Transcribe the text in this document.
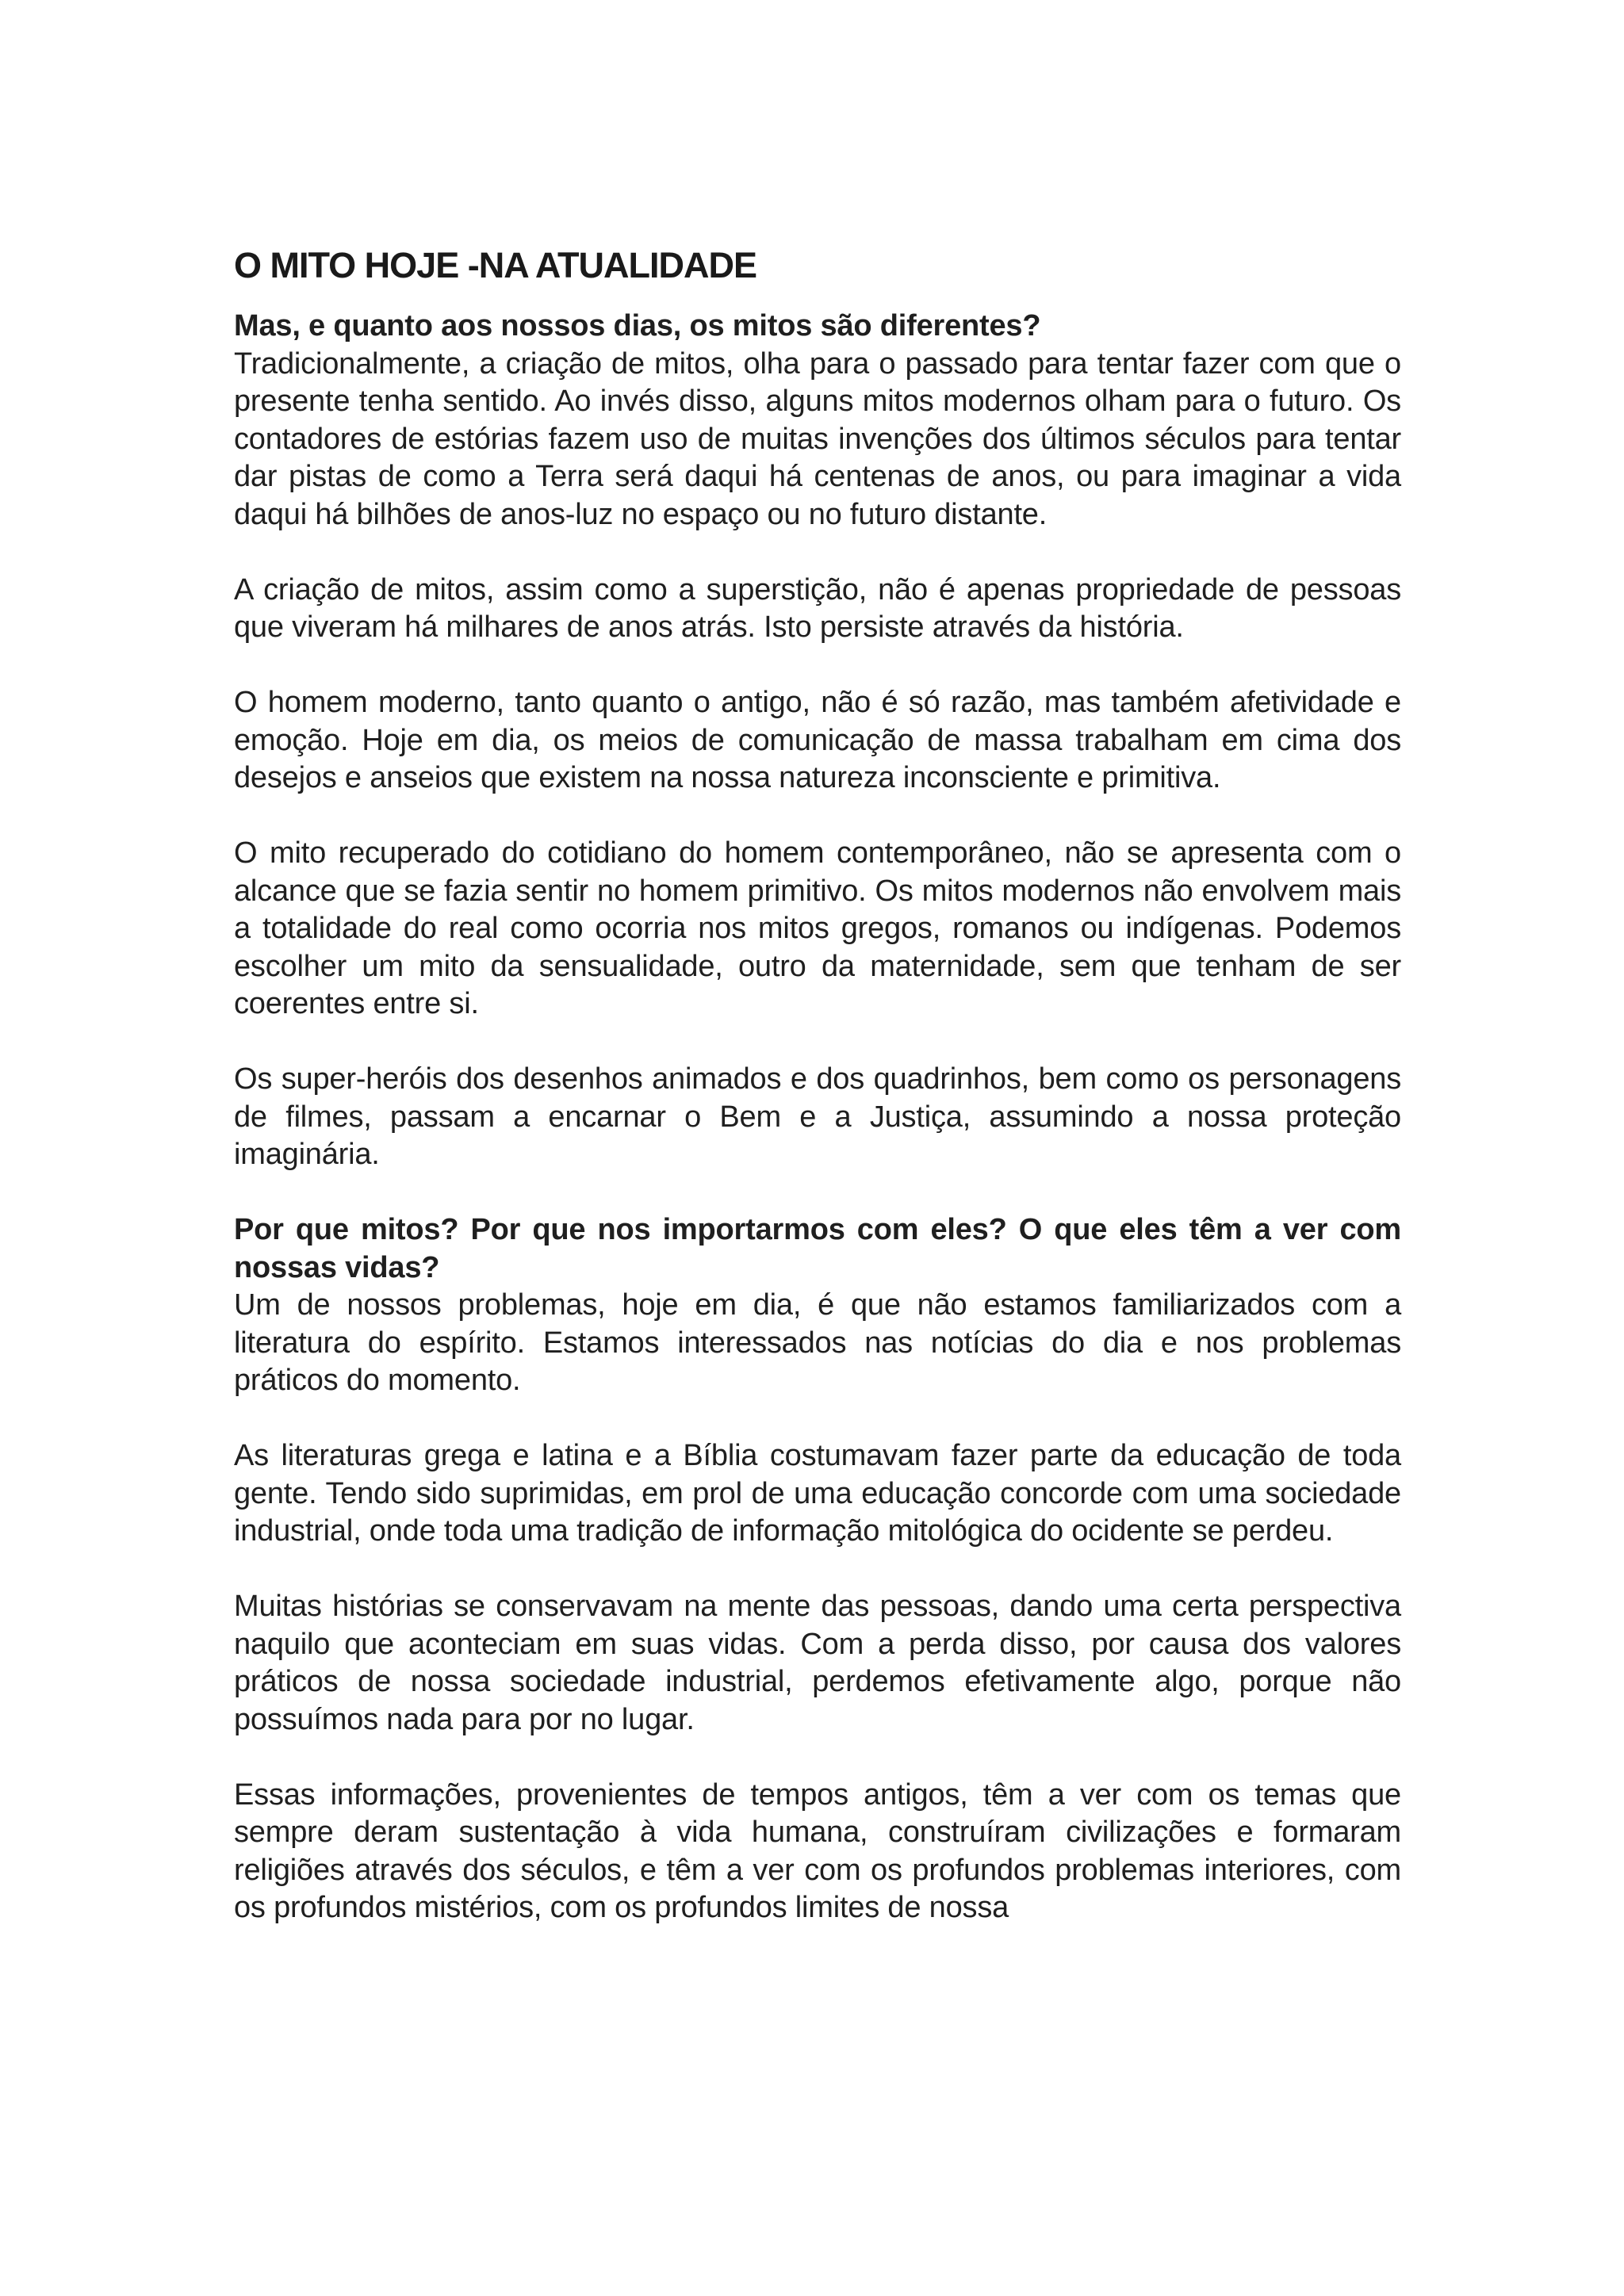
O MITO HOJE -NA ATUALIDADE

Mas, e quanto aos nossos dias, os mitos são diferentes?

Tradicionalmente, a criação de mitos, olha para o passado para tentar fazer com que o presente tenha sentido. Ao invés disso, alguns mitos modernos olham para o futuro. Os contadores de estórias fazem uso de muitas invenções dos últimos séculos para tentar dar pistas de como a Terra será daqui há centenas de anos, ou para imaginar a vida daqui há bilhões de anos-luz no espaço ou no futuro distante.

A criação de mitos, assim como a superstição, não é apenas propriedade de pessoas que viveram há milhares de anos atrás. Isto persiste através da história.

O homem moderno, tanto quanto o antigo, não é só razão, mas também afetividade e emoção. Hoje em dia, os meios de comunicação de massa trabalham em cima dos desejos e anseios que existem na nossa natureza inconsciente e primitiva.

O mito recuperado do cotidiano do homem contemporâneo, não se apresenta com o alcance que se fazia sentir no homem primitivo. Os mitos modernos não envolvem mais a totalidade do real como ocorria nos mitos gregos, romanos ou indígenas. Podemos escolher um mito da sensualidade, outro da maternidade, sem que tenham de ser coerentes entre si.

Os super-heróis dos desenhos animados e dos quadrinhos, bem como os personagens de filmes, passam a encarnar o Bem e a Justiça, assumindo a nossa proteção imaginária.

Por que mitos? Por que nos importarmos com eles? O que eles têm a ver com nossas vidas?

Um de nossos problemas, hoje em dia, é que não estamos familiarizados com a literatura do espírito. Estamos interessados nas notícias do dia e nos problemas práticos do momento.

As literaturas grega e latina e a Bíblia costumavam fazer parte da educação de toda gente. Tendo sido suprimidas, em prol de uma educação concorde com uma sociedade industrial, onde toda uma tradição de informação mitológica do ocidente se perdeu.

Muitas histórias se conservavam na mente das pessoas, dando uma certa perspectiva naquilo que aconteciam em suas vidas. Com a perda disso, por causa dos valores práticos de nossa sociedade industrial, perdemos efetivamente algo, porque não possuímos nada para por no lugar.

Essas informações, provenientes de tempos antigos, têm a ver com os temas que sempre deram sustentação à vida humana, construíram civilizações e formaram religiões através dos séculos, e têm a ver com os profundos problemas interiores, com os profundos mistérios, com os profundos limites de nossa
